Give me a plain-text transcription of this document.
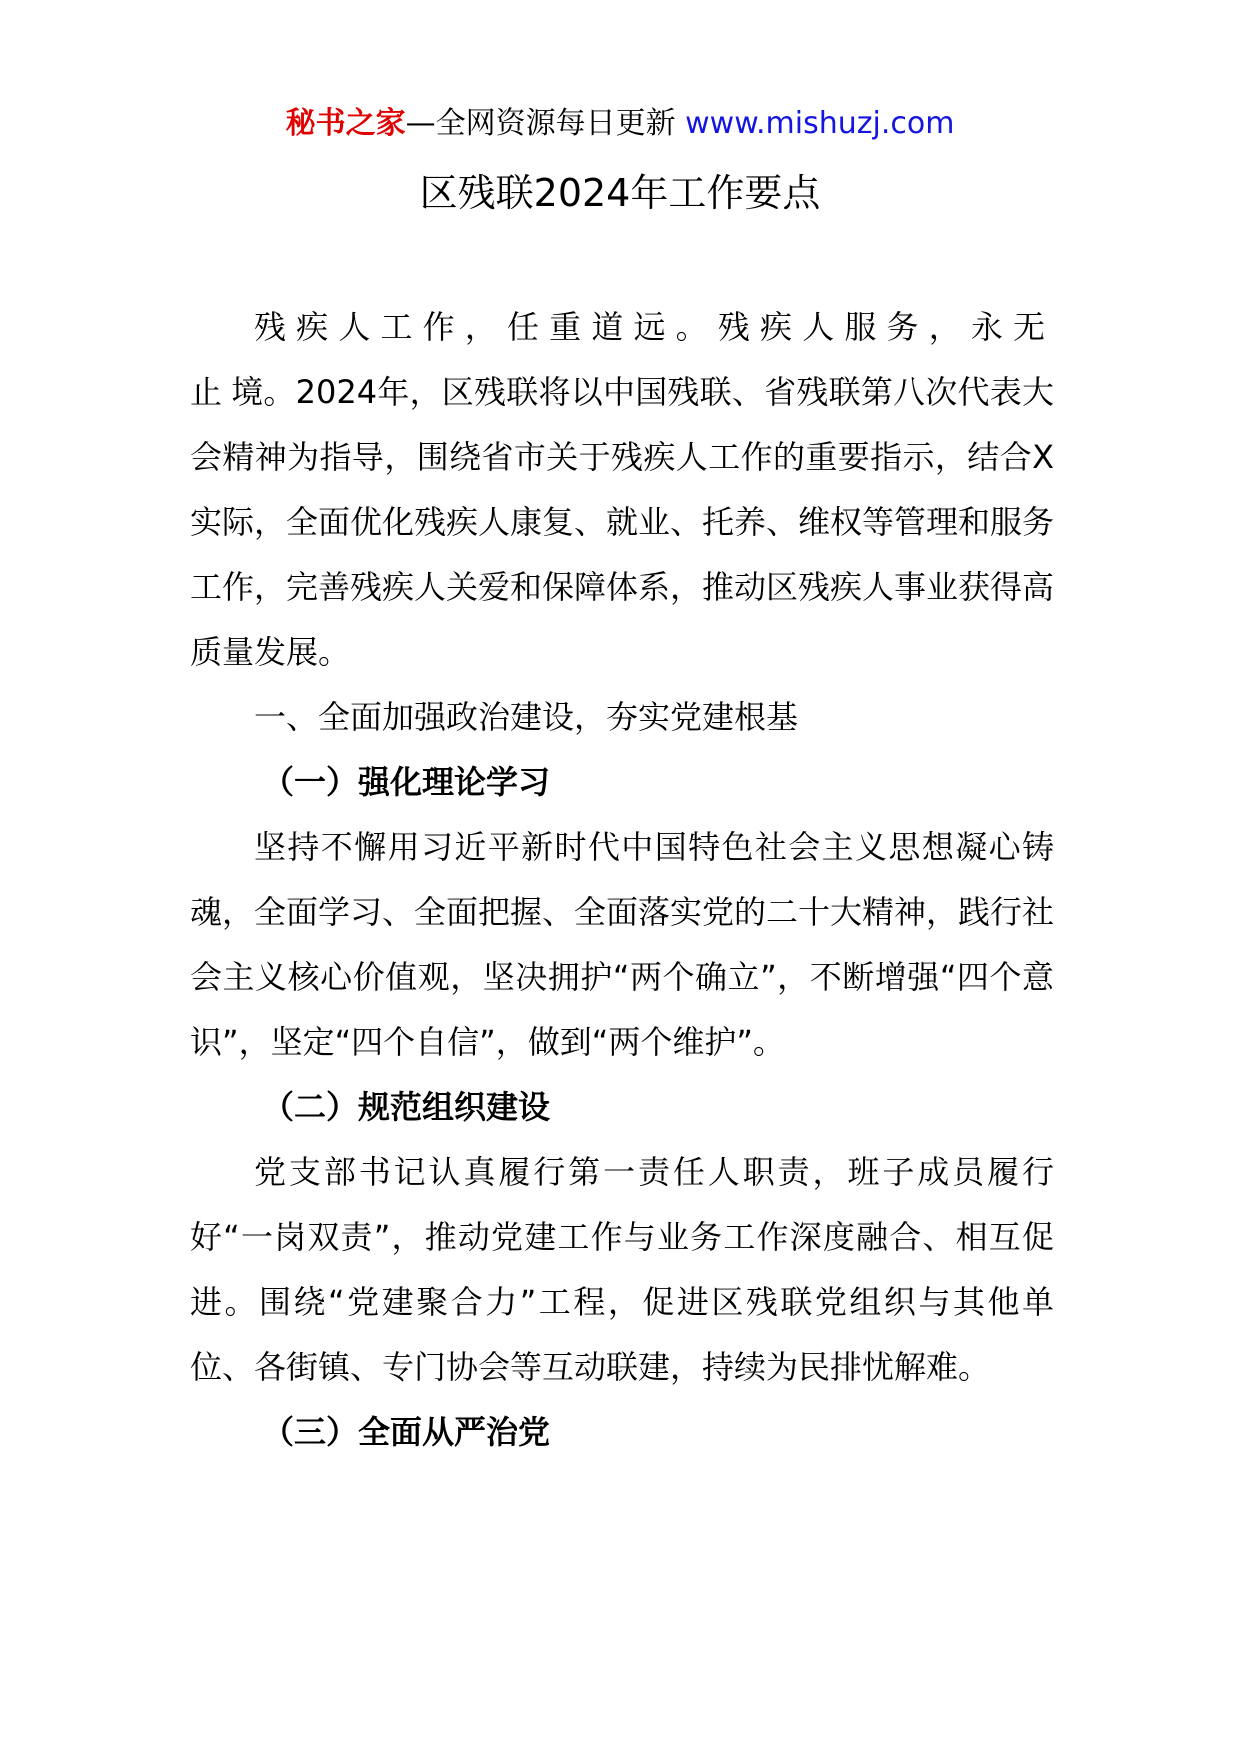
秘书之家—全网资源每日更新 www.mishuzj.com
区残联2024年工作要点

残疾人工作，任重道远。残疾人服务，永无止境。2024年，区残联将以中国残联、省残联第八次代表大会精神为指导，围绕省市关于残疾人工作的重要指示，结合X实际，全面优化残疾人康复、就业、托养、维权等管理和服务工作，完善残疾人关爱和保障体系，推动区残疾人事业获得高质量发展。

一、全面加强政治建设，夯实党建根基

（一）强化理论学习

坚持不懈用习近平新时代中国特色社会主义思想凝心铸魂，全面学习、全面把握、全面落实党的二十大精神，践行社会主义核心价值观，坚决拥护“两个确立”，不断增强“四个意识”，坚定“四个自信”，做到“两个维护”。

（二）规范组织建设

党支部书记认真履行第一责任人职责，班子成员履行好“一岗双责”，推动党建工作与业务工作深度融合、相互促进。围绕“党建聚合力”工程，促进区残联党组织与其他单位、各街镇、专门协会等互动联建，持续为民排忧解难。

（三）全面从严治党
